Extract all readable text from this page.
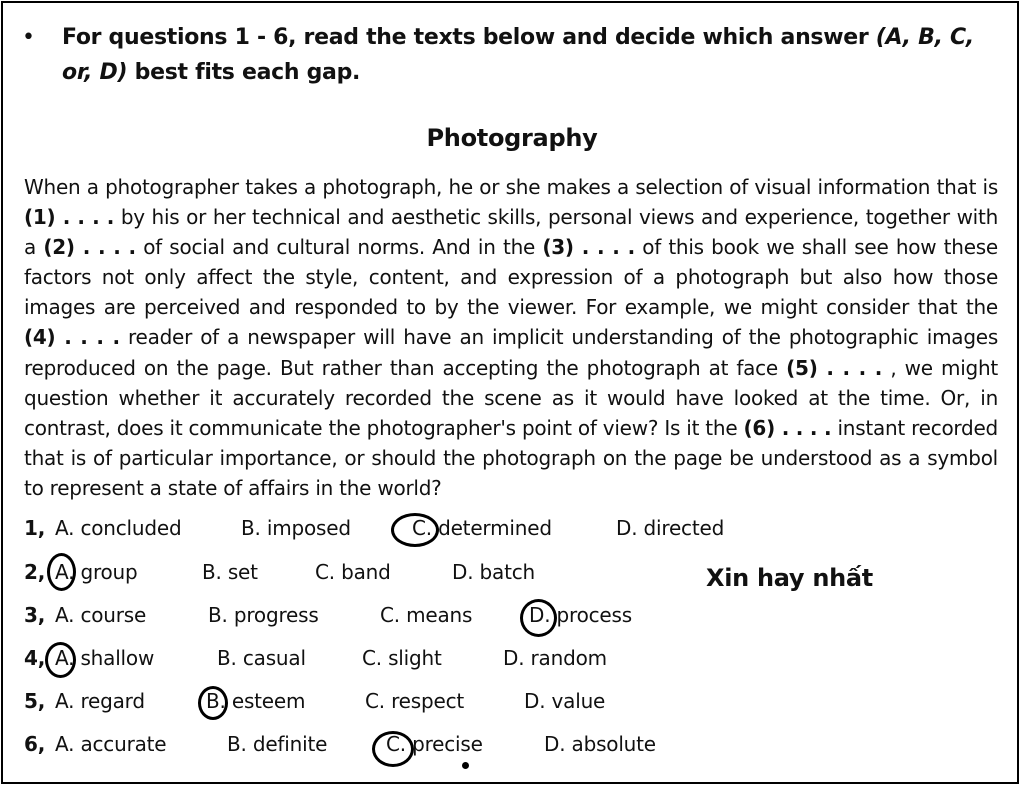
• For questions 1 - 6, read the texts below and decide which answer (A, B, C, or, D) best fits each gap.
Photography
When a photographer takes a photograph, he or she makes a selection of visual information that is (1) . . . . by his or her technical and aesthetic skills, personal views and experience, together with a (2) . . . . of social and cultural norms. And in the (3) . . . . of this book we shall see how these factors not only affect the style, content, and expression of a photograph but also how those images are perceived and responded to by the viewer. For example, we might consider that the (4) . . . . reader of a newspaper will have an implicit understanding of the photographic images reproduced on the page. But rather than accepting the photograph at face (5) . . . . , we might question whether it accurately recorded the scene as it would have looked at the time. Or, in contrast, does it communicate the photographer's point of view? Is it the (6) . . . . instant recorded that is of particular importance, or should the photograph on the page be understood as a symbol to represent a state of affairs in the world?
1, A. concluded	B. imposed	C. determined	D. directed
2, A. group	B. set	C. band	D. batch
3, A. course	B. progress	C. means	D. process
4, A. shallow	B. casual	C. slight	D. random
5, A. regard	B. esteem	C. respect	D. value
6, A. accurate	B. definite	C. precise	D. absolute
Xin hay nhất
